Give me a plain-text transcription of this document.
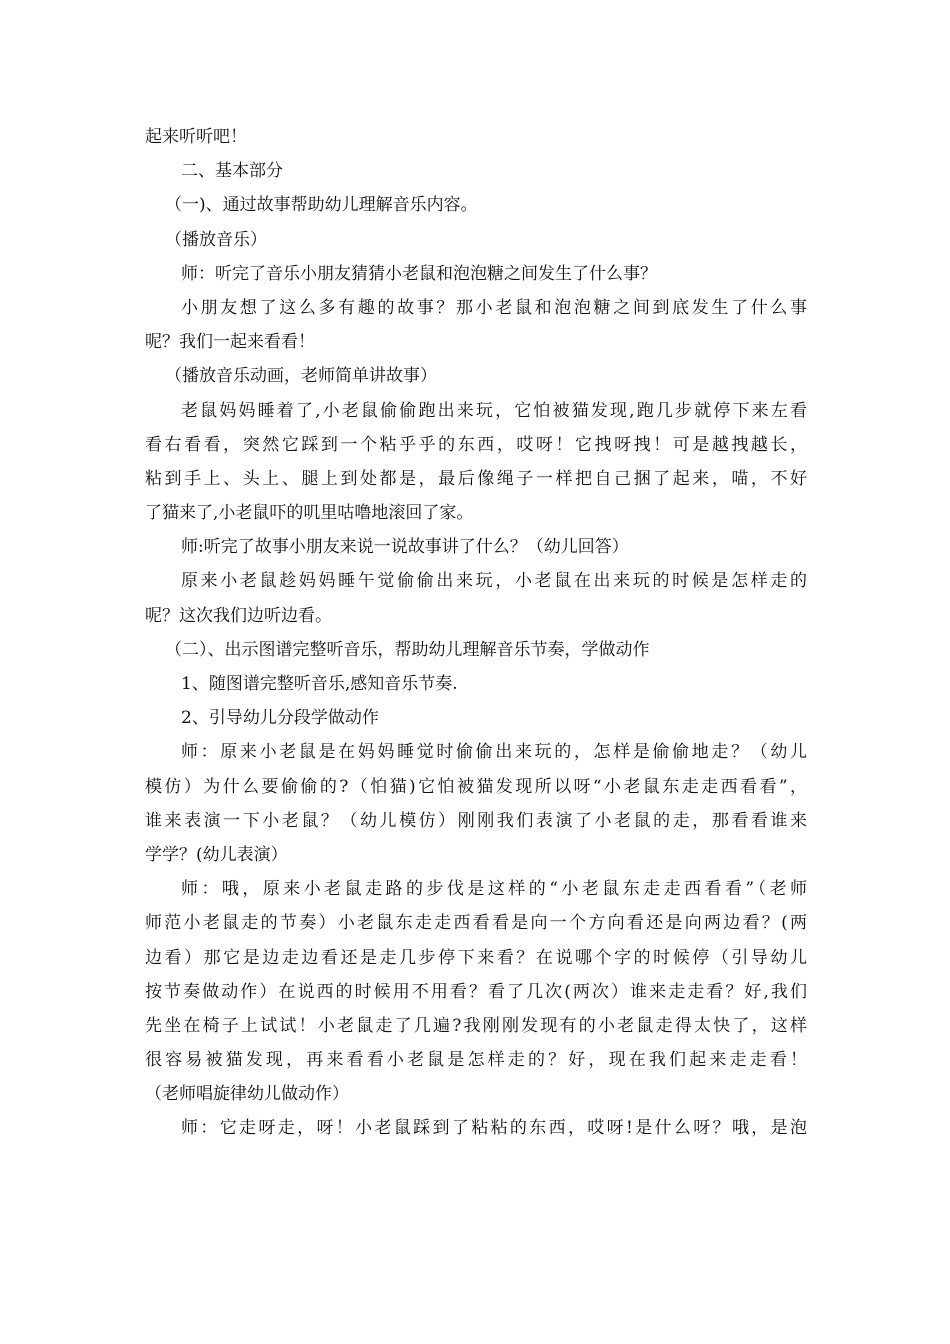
起来听听吧！
二、基本部分
（一)、通过故事帮助幼儿理解音乐内容。
（播放音乐）
师：听完了音乐小朋友猜猜小老鼠和泡泡糖之间发生了什么事？
小朋友想了这么多有趣的故事？那小老鼠和泡泡糖之间到底发生了什么事
呢？我们一起来看看！
（播放音乐动画，老师简单讲故事）
老鼠妈妈睡着了,小老鼠偷偷跑出来玩，它怕被猫发现,跑几步就停下来左看
看右看看，突然它踩到一个粘乎乎的东西，哎呀！它拽呀拽！可是越拽越长，
粘到手上、头上、腿上到处都是，最后像绳子一样把自己捆了起来，喵，不好
了猫来了,小老鼠吓的叽里咕噜地滚回了家。
师:听完了故事小朋友来说一说故事讲了什么？（幼儿回答）
原来小老鼠趁妈妈睡午觉偷偷出来玩，小老鼠在出来玩的时候是怎样走的
呢？这次我们边听边看。
（二）、出示图谱完整听音乐，帮助幼儿理解音乐节奏，学做动作
1、随图谱完整听音乐,感知音乐节奏.
2、引导幼儿分段学做动作
师：原来小老鼠是在妈妈睡觉时偷偷出来玩的，怎样是偷偷地走？（幼儿
模仿）为什么要偷偷的?（怕猫)它怕被猫发现所以呀“小老鼠东走走西看看”，
谁来表演一下小老鼠？（幼儿模仿）刚刚我们表演了小老鼠的走，那看看谁来
学学？(幼儿表演）
师：哦，原来小老鼠走路的步伐是这样的“小老鼠东走走西看看”（老师
师范小老鼠走的节奏）小老鼠东走走西看看是向一个方向看还是向两边看？(两
边看）那它是边走边看还是走几步停下来看？在说哪个字的时候停（引导幼儿
按节奏做动作）在说西的时候用不用看？看了几次(两次）谁来走走看？好,我们
先坐在椅子上试试！小老鼠走了几遍?我刚刚发现有的小老鼠走得太快了，这样
很容易被猫发现，再来看看小老鼠是怎样走的？好，现在我们起来走走看！
（老师唱旋律幼儿做动作）
师：它走呀走，呀！小老鼠踩到了粘粘的东西，哎呀!是什么呀？哦，是泡
